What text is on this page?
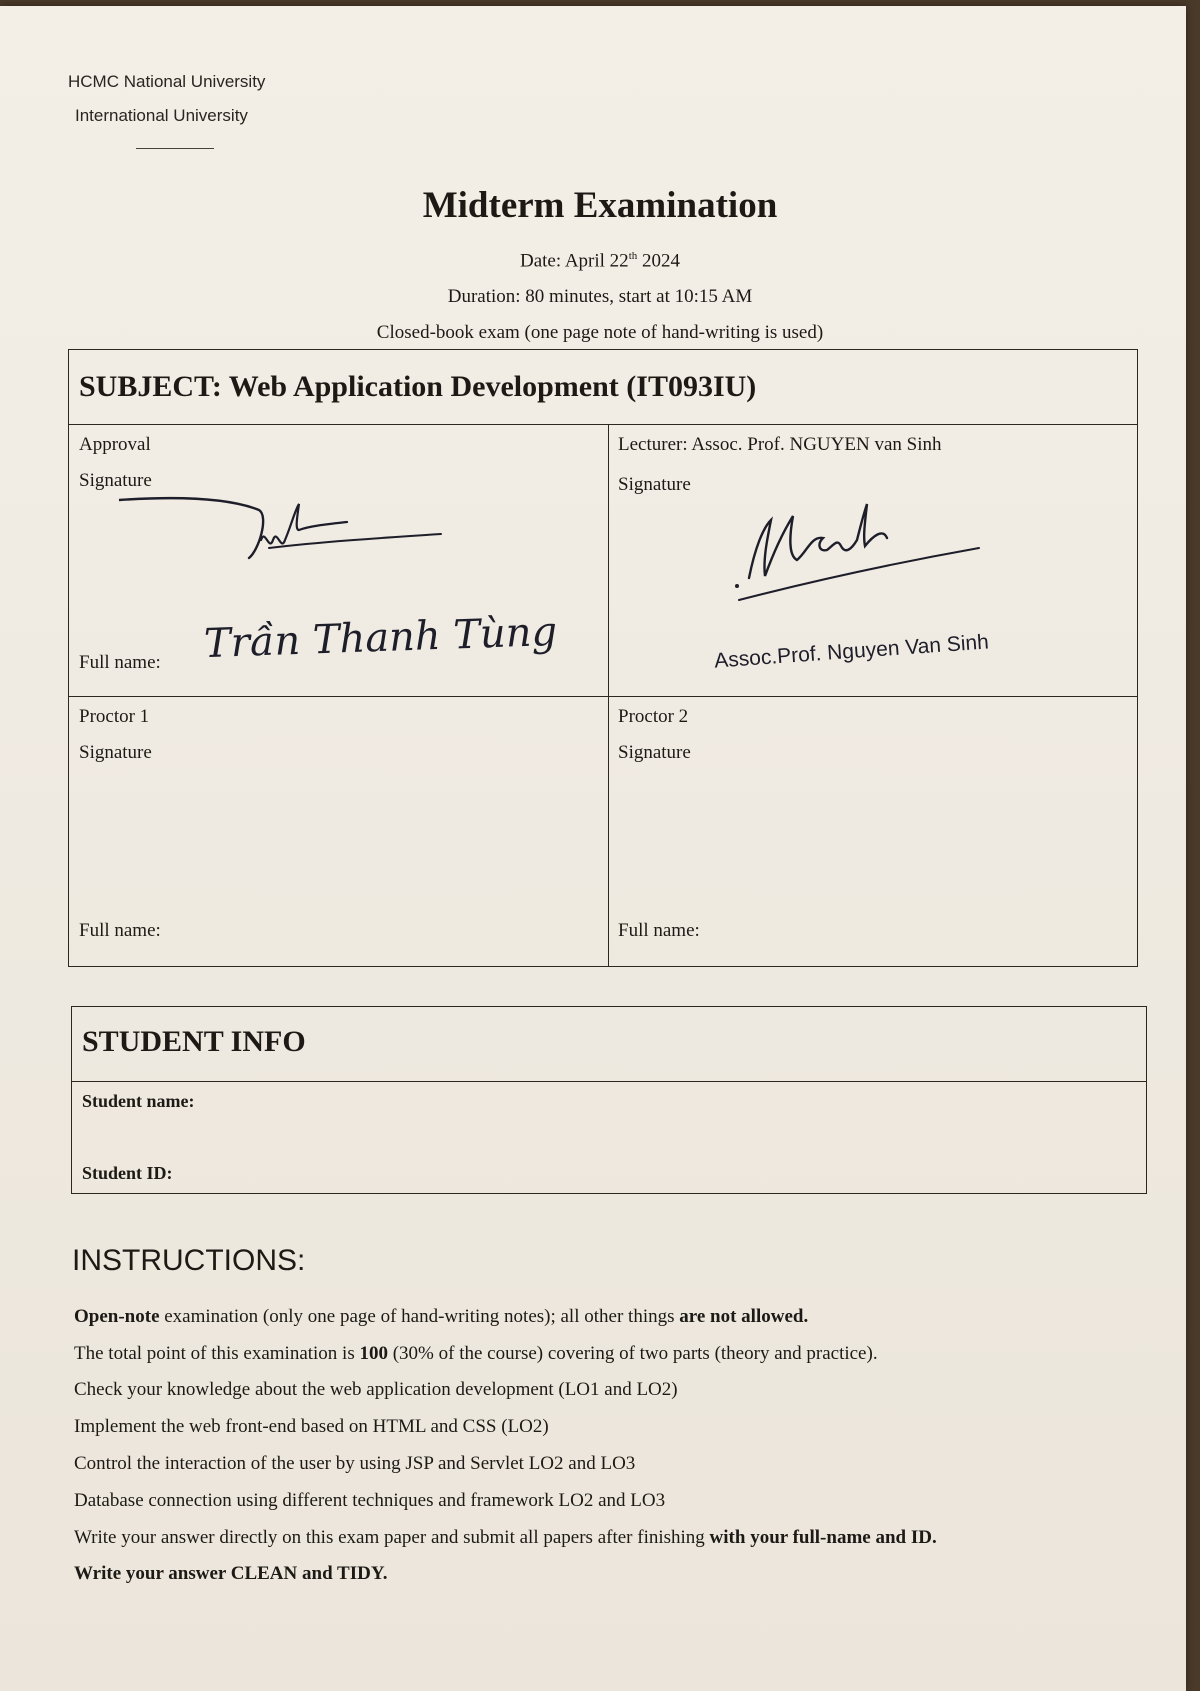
HCMC National University
International University
Midterm Examination
Date: April 22th 2024
Duration: 80 minutes, start at 10:15 AM
Closed-book exam (one page note of hand-writing is used)
SUBJECT: Web Application Development (IT093IU)
Approval
Signature
Full name: Trần Thanh Tùng
Lecturer: Assoc. Prof. NGUYEN van Sinh
Signature
Assoc.Prof. Nguyen Van Sinh
Proctor 1
Signature
Full name:
Proctor 2
Signature
Full name:
STUDENT INFO
Student name:
Student ID:
INSTRUCTIONS:
Open-note examination (only one page of hand-writing notes); all other things are not allowed.
The total point of this examination is 100 (30% of the course) covering of two parts (theory and practice).
Check your knowledge about the web application development (LO1 and LO2)
Implement the web front-end based on HTML and CSS (LO2)
Control the interaction of the user by using JSP and Servlet LO2 and LO3
Database connection using different techniques and framework LO2 and LO3
Write your answer directly on this exam paper and submit all papers after finishing with your full-name and ID.
Write your answer CLEAN and TIDY.
